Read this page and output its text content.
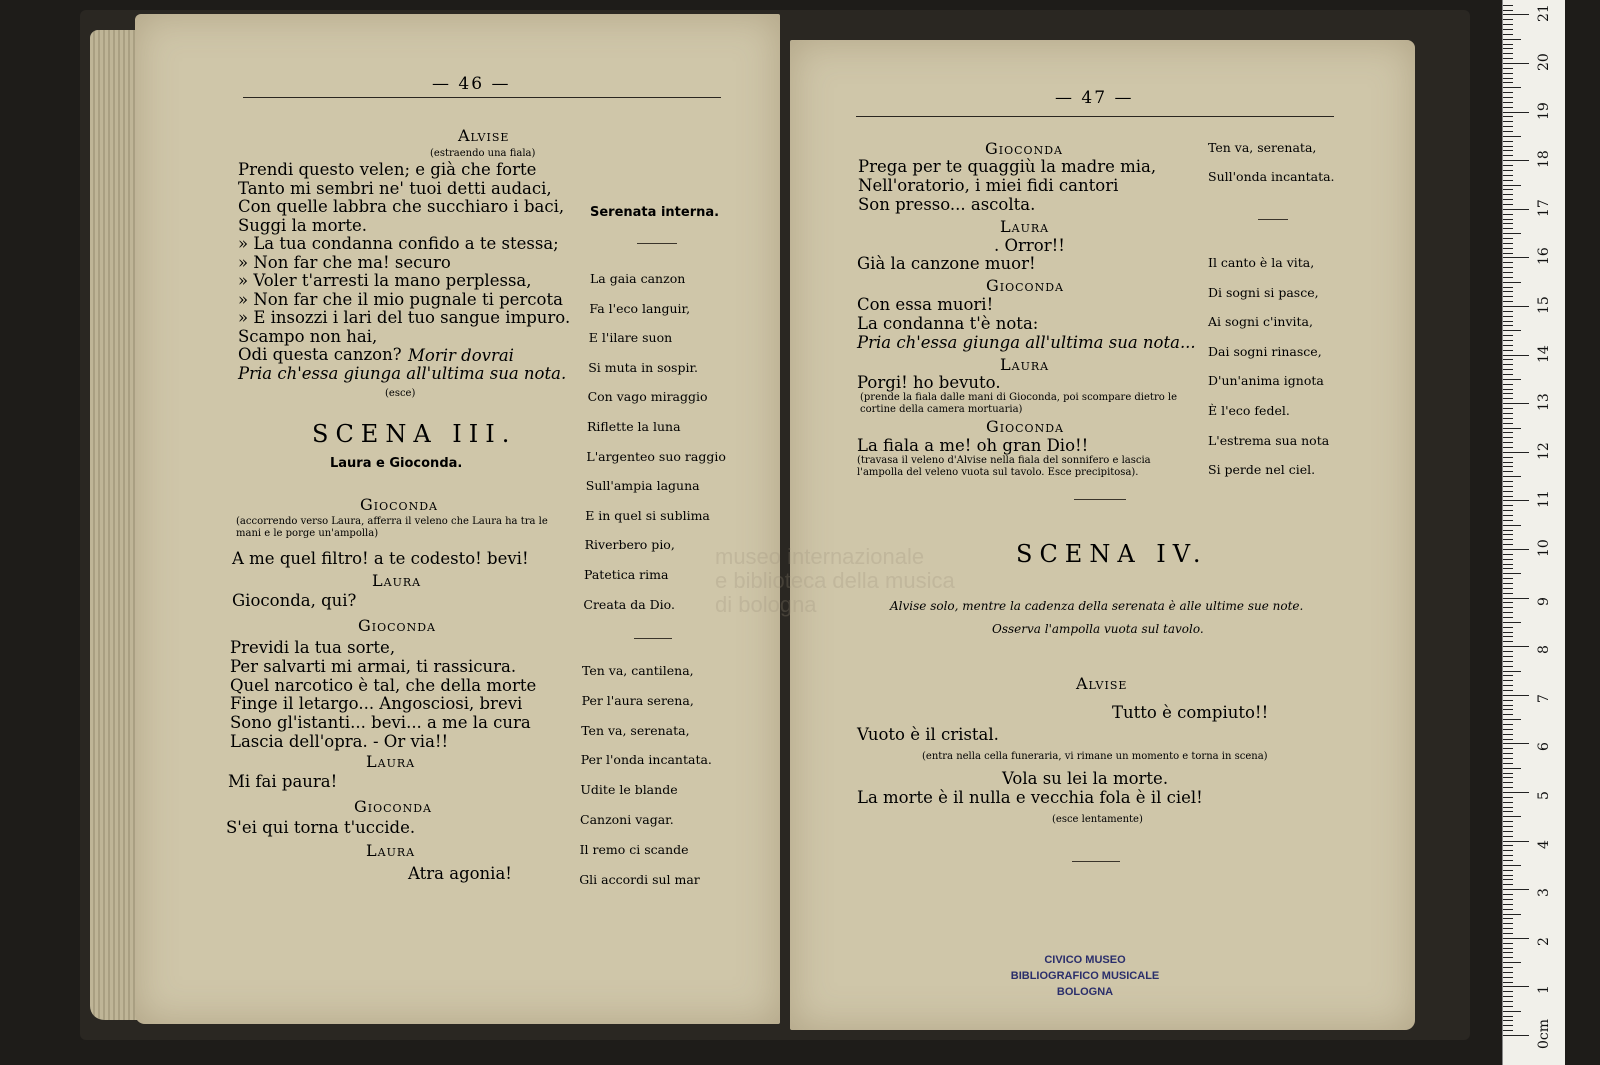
— 46 —
Alvise
(estraendo una fiala)
Prendi questo velen; e già che forte
Tanto mi sembri ne' tuoi detti audaci,
Con quelle labbra che succhiaro i baci,
Suggi la morte.
» La tua condanna confido a te stessa;
» Non far che ma! securo
» Voler t'arresti la mano perplessa,
» Non far che il mio pugnale ti percota
» E insozzi i lari del tuo sangue impuro.
Scampo non hai,
Odi questa canzon?
Pria ch'essa giunga all'ultima sua nota.
Morir dovrai
(esce)
SCENA III.
Laura e Gioconda.
Gioconda
(accorrendo verso Laura, afferra il veleno che Laura ha tra le mani e le porge un'ampolla)
A me quel filtro! a te codesto! bevi!
Laura
Gioconda, qui?
Gioconda
Previdi la tua sorte,
Per salvarti mi armai, ti rassicura.
Quel narcotico è tal, che della morte
Finge il letargo... Angosciosi, brevi
Sono gl'istanti... bevi... a me la cura
Lascia dell'opra. - Or via!!
Laura
Mi fai paura!
Gioconda
S'ei qui torna t'uccide.
Laura
Atra agonia!
Serenata interna.
La gaia canzon
Fa l'eco languir,
E l'ilare suon
Si muta in sospir.
Con vago miraggio
Riflette la luna
L'argenteo suo raggio
Sull'ampia laguna
E in quel si sublima
Riverbero pio,
Patetica rima
Creata da Dio.
Ten va, cantilena,
Per l'aura serena,
Ten va, serenata,
Per l'onda incantata.
Udite le blande
Canzoni vagar.
Il remo ci scande
Gli accordi sul mar
— 47 —
Gioconda
Prega per te quaggiù la madre mia,
Nell'oratorio, i miei fidi cantori
Son presso... ascolta.
Laura
. Orror!!
Già la canzone muor!
Gioconda
Con essa muori!
La condanna t'è nota:
Pria ch'essa giunga all'ultima sua nota...
Laura
Porgi! ho bevuto.
(prende la fiala dalle mani di Gioconda, poi scompare dietro le cortine della camera mortuaria)
Gioconda
La fiala a me! oh gran Dio!!
(travasa il veleno d'Alvise nella fiala del sonnifero e lascia l'ampolla del veleno vuota sul tavolo. Esce precipitosa).
Ten va, serenata,
Sull'onda incantata.
Il canto è la vita,
Di sogni si pasce,
Ai sogni c'invita,
Dai sogni rinasce,
D'un'anima ignota
È l'eco fedel.
L'estrema sua nota
Si perde nel ciel.
SCENA IV.
Alvise solo, mentre la cadenza della serenata è alle ultime sue note.
Osserva l'ampolla vuota sul tavolo.
Alvise
Tutto è compiuto!!
Vuoto è il cristal.
(entra nella cella funeraria, vi rimane un momento e torna in scena)
Vola su lei la morte.
La morte è il nulla e vecchia fola è il ciel!
(esce lentamente)
museo internazionale
e biblioteca della musica
di bologna
CIVICO MUSEO
BIBLIOGRAFICO MUSICALE
BOLOGNA
0cm
1
2
3
4
5
6
7
8
9
10
11
12
13
14
15
16
17
18
19
20
21
